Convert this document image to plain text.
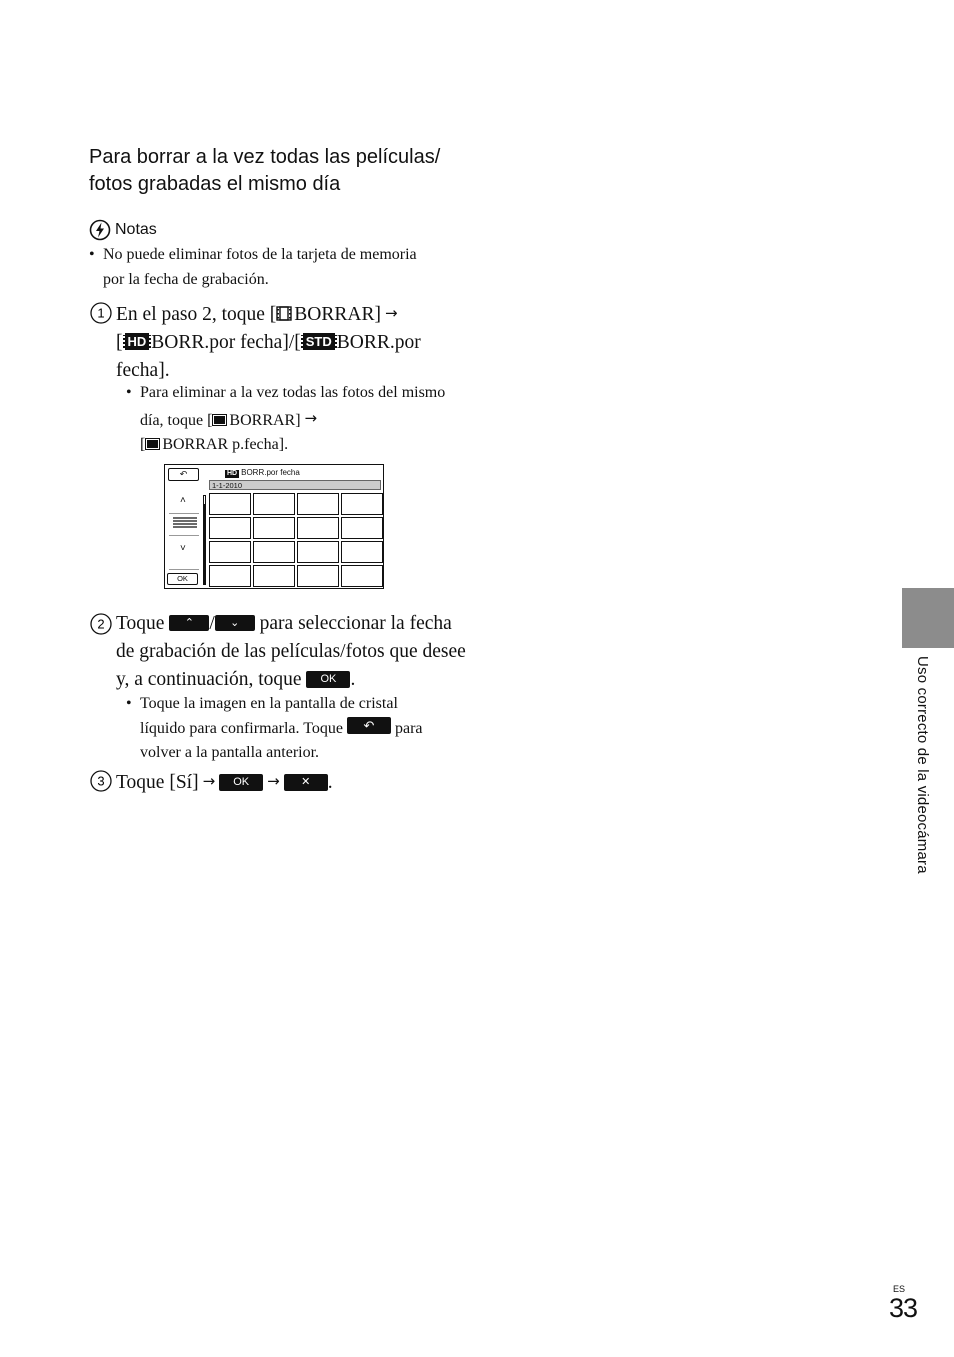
Para borrar a la vez todas las películas/ fotos grabadas el mismo día
Notas
• No puede eliminar fotos de la tarjeta de memoria por la fecha de grabación.
1 En el paso 2, toque [ BORRAR] →
[ HD BORR.por fecha]/[ STD BORR.por fecha].
• Para eliminar a la vez todas las fotos del mismo día, toque [ BORRAR] →
[ BORRAR p.fecha].
↶	HD BORR.por fecha
1-1-2010
˄
˅
OK
2 Toque ⌃ / ⌄ para seleccionar la fecha de grabación de las películas/fotos que desee y, a continuación, toque OK .
• Toque la imagen en la pantalla de cristal líquido para confirmarla. Toque ↶ para volver a la pantalla anterior.
3 Toque [Sí] → OK → ✕ .	Uso correcto de la videocámara
ES
33
